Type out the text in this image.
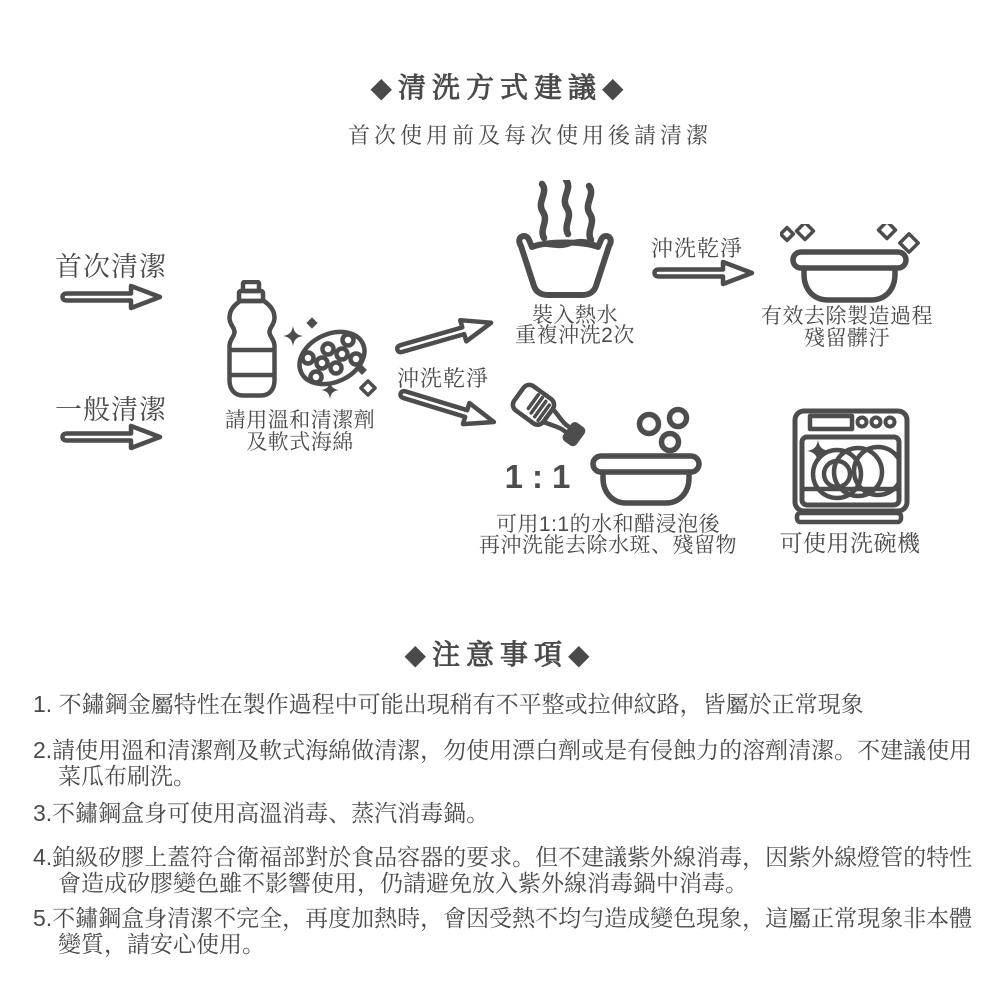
◆清洗方式建議◆
首次使用前及每次使用後請清潔
首次清潔
一般清潔	請用溫和清潔劑
及軟式海綿
裝入熱水
重複沖洗2次
沖洗乾淨
有效去除製造過程
殘留髒汙
沖洗乾淨
1:1
可用1:1的水和醋浸泡後
再沖洗能去除水斑、殘留物	可使用洗碗機
◆注意事項◆
1. 不鏽鋼金屬特性在製作過程中可能出現稍有不平整或拉伸紋路，皆屬於正常現象
2.請使用溫和清潔劑及軟式海綿做清潔，勿使用漂白劑或是有侵蝕力的溶劑清潔。不建議使用
菜瓜布刷洗。
3.不鏽鋼盒身可使用高溫消毒、蒸汽消毒鍋。
4.鉑級矽膠上蓋符合衛福部對於食品容器的要求。但不建議紫外線消毒，因紫外線燈管的特性
會造成矽膠變色雖不影響使用，仍請避免放入紫外線消毒鍋中消毒。
5.不鏽鋼盒身清潔不完全，再度加熱時，會因受熱不均勻造成變色現象，這屬正常現象非本體
變質，請安心使用。
